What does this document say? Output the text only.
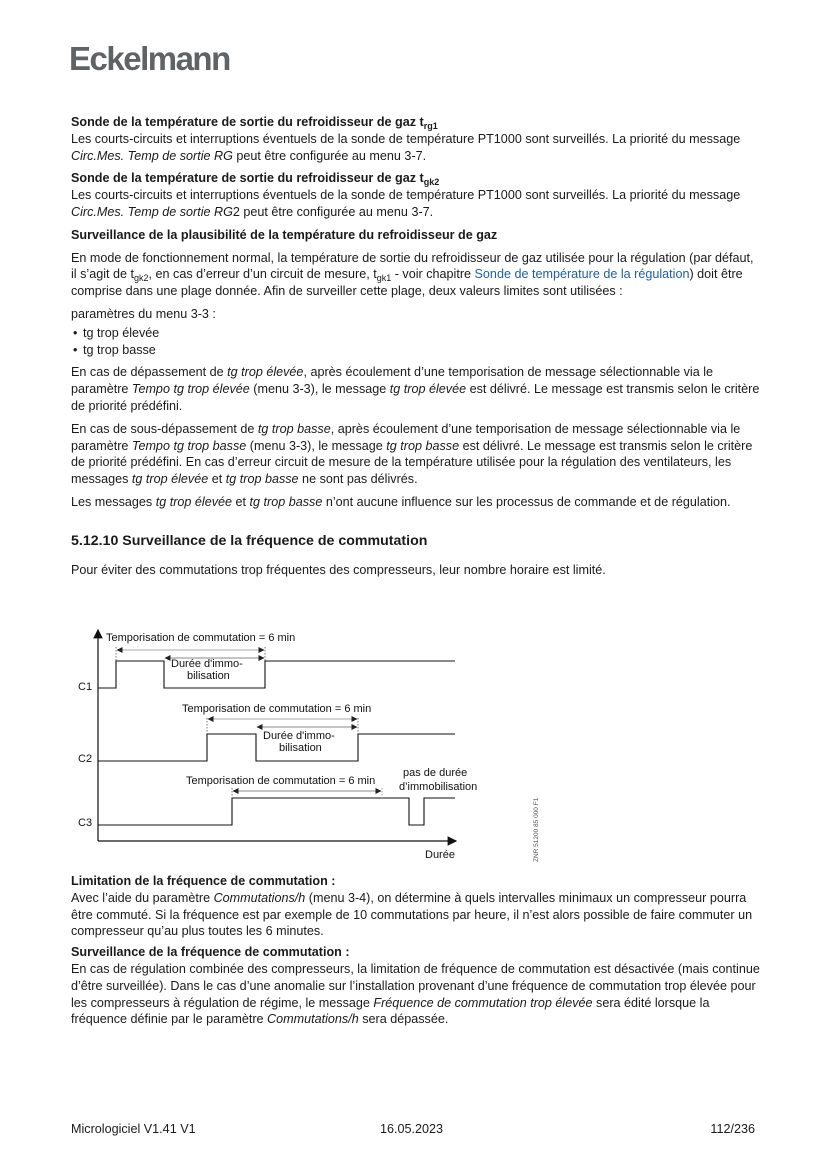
Eckelmann

Sonde de la température de sortie du refroidisseur de gaz $t_{rg1}$

Les courts-circuits et interruptions éventuels de la sonde de température PT1000 sont surveillés. La priorité du message Circ.Mes. Temp de sortie RG peut être configurée au menu 3-7.

Sonde de la température de sortie du refroidisseur de gaz $t_{gk2}$

Les courts-circuits et interruptions éventuels de la sonde de température PT1000 sont surveillés. La priorité du message Circ.Mes. Temp de sortie RG2 peut être configurée au menu 3-7.

Surveillance de la plausibilité de la température du refroidisseur de gaz

En mode de fonctionnement normal, la température de sortie du refroidisseur de gaz utilisée pour la régulation (par défaut, il s’agit de $t_{gk2}$, en cas d’erreur d’un circuit de mesure, $t_{gk1}$ - voir chapitre Sonde de température de la régulation) doit être comprise dans une plage donnée. Afin de surveiller cette plage, deux valeurs limites sont utilisées :

paramètres du menu 3-3 :

• tg trop élevée
• tg trop basse

En cas de dépassement de tg trop élevée, après écoulement d’une temporisation de message sélectionnable via le paramètre Tempo tg trop élevée (menu 3-3), le message tg trop élevée est délivré. Le message est transmis selon le critère de priorité prédéfini.

En cas de sous-dépassement de tg trop basse, après écoulement d’une temporisation de message sélectionnable via le paramètre Tempo tg trop basse (menu 3-3), le message tg trop basse est délivré. Le message est transmis selon le critère de priorité prédéfini. En cas d’erreur circuit de mesure de la température utilisée pour la régulation des ventilateurs, les messages tg trop élevée et tg trop basse ne sont pas délivrés.

Les messages tg trop élevée et tg trop basse n’ont aucune influence sur les processus de commande et de régulation.

5.12.10 Surveillance de la fréquence de commutation

Pour éviter des commutations trop fréquentes des compresseurs, leur nombre horaire est limité.

Temporisation de commutation = 6 min
Durée d'immo-
bilisation
C1
Temporisation de commutation = 6 min
Durée d'immo-
bilisation
C2
Temporisation de commutation = 6 min
pas de durée
d’immobilisation
C3
Durée	ZNR 51200 85 000 F1

Limitation de la fréquence de commutation :

Avec l’aide du paramètre Commutations/h (menu 3-4), on détermine à quels intervalles minimaux un compresseur pourra être commuté. Si la fréquence est par exemple de 10 commutations par heure, il n’est alors possible de faire commuter un compresseur qu’au plus toutes les 6 minutes.

Surveillance de la fréquence de commutation :

En cas de régulation combinée des compresseurs, la limitation de fréquence de commutation est désactivée (mais continue d’être surveillée). Dans le cas d’une anomalie sur l’installation provenant d’une fréquence de commutation trop élevée pour les compresseurs à régulation de régime, le message Fréquence de commutation trop élevée sera édité lorsque la fréquence définie par le paramètre Commutations/h sera dépassée.

Micrologiciel V1.41 V1	16.05.2023	112/236
